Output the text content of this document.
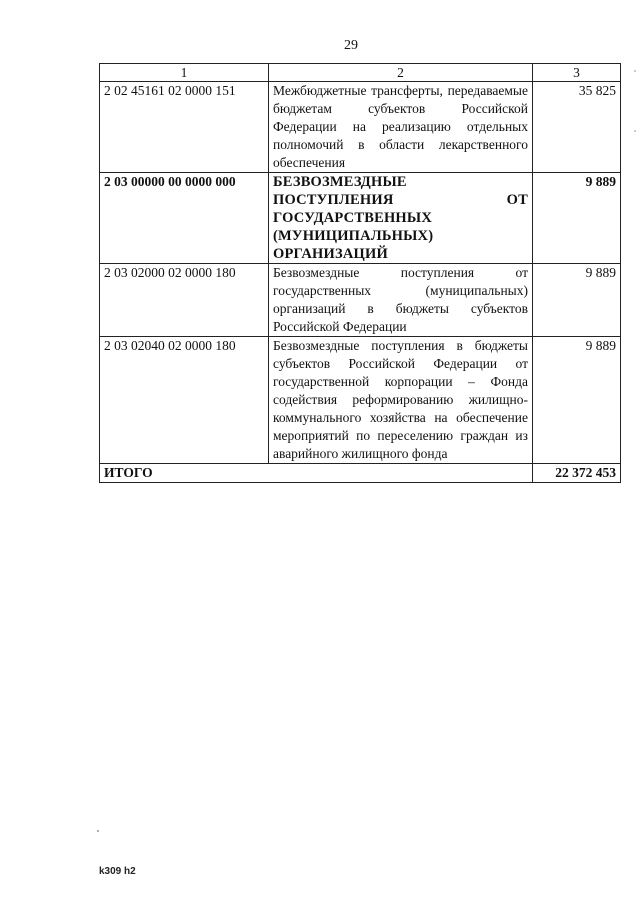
29
1	2	3
2 02 45161 02 0000 151	Межбюджетные трансферты, передаваемые бюджетам субъектов Российской Федерации на реализацию отдельных полномочий в области лекарственного обеспечения	35 825
2 03 00000 00 0000 000	БЕЗВОЗМЕЗДНЫЕ ПОСТУПЛЕНИЯ ОТ ГОСУДАРСТВЕННЫХ (МУНИЦИПАЛЬНЫХ) ОРГАНИЗАЦИЙ	9 889
2 03 02000 02 0000 180	Безвозмездные поступления от государственных (муниципальных) организаций в бюджеты субъектов Российской Федерации	9 889
2 03 02040 02 0000 180	Безвозмездные поступления в бюджеты субъектов Российской Федерации от государственной корпорации – Фонда содействия реформированию жилищно-коммунального хозяйства на обеспечение мероприятий по переселению граждан из аварийного жилищного фонда	9 889
ИТОГО		22 372 453
k309 h2
